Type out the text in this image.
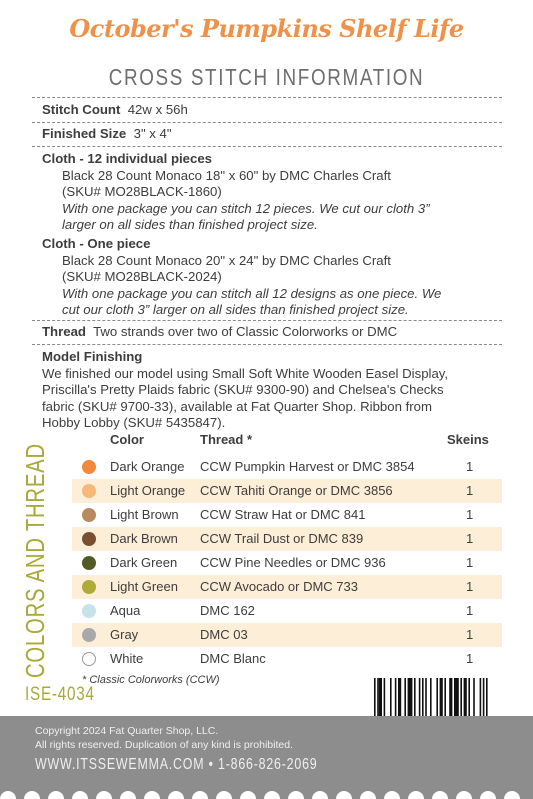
October's Pumpkins Shelf Life
CROSS STITCH INFORMATION
Stitch Count 42w x 56h
Finished Size 3" x 4"
Cloth - 12 individual pieces
Black 28 Count Monaco 18" x 60" by DMC Charles Craft
(SKU# MO28BLACK-1860)
With one package you can stitch 12 pieces. We cut our cloth 3”
larger on all sides than finished project size.
Cloth - One piece
Black 28 Count Monaco 20" x 24" by DMC Charles Craft
(SKU# MO28BLACK-2024)
With one package you can stitch all 12 designs as one piece. We
cut our cloth 3” larger on all sides than finished project size.
Thread Two strands over two of Classic Colorworks or DMC
Model Finishing
We finished our model using Small Soft White Wooden Easel Display,
Priscilla's Pretty Plaids fabric (SKU# 9300-90) and Chelsea's Checks
fabric (SKU# 9700-33), available at Fat Quarter Shop. Ribbon from
Hobby Lobby (SKU# 5435847).
COLORS AND THREAD
Color	Thread *	Skeins
Dark Orange CCW Pumpkin Harvest or DMC 3854	1
Light Orange CCW Tahiti Orange or DMC 3856	1
Light Brown CCW Straw Hat or DMC 841	1
Dark Brown CCW Trail Dust or DMC 839	1
Dark Green CCW Pine Needles or DMC 936	1
Light Green CCW Avocado or DMC 733	1
Aqua	DMC 162	1
Gray	DMC 03	1
White	DMC Blanc	1
* Classic Colorworks (CCW)
ISE-4034
Copyright 2024 Fat Quarter Shop, LLC.
All rights reserved. Duplication of any kind is prohibited.
WWW.ITSSEWEMMA.COM • 1-866-826-2069
